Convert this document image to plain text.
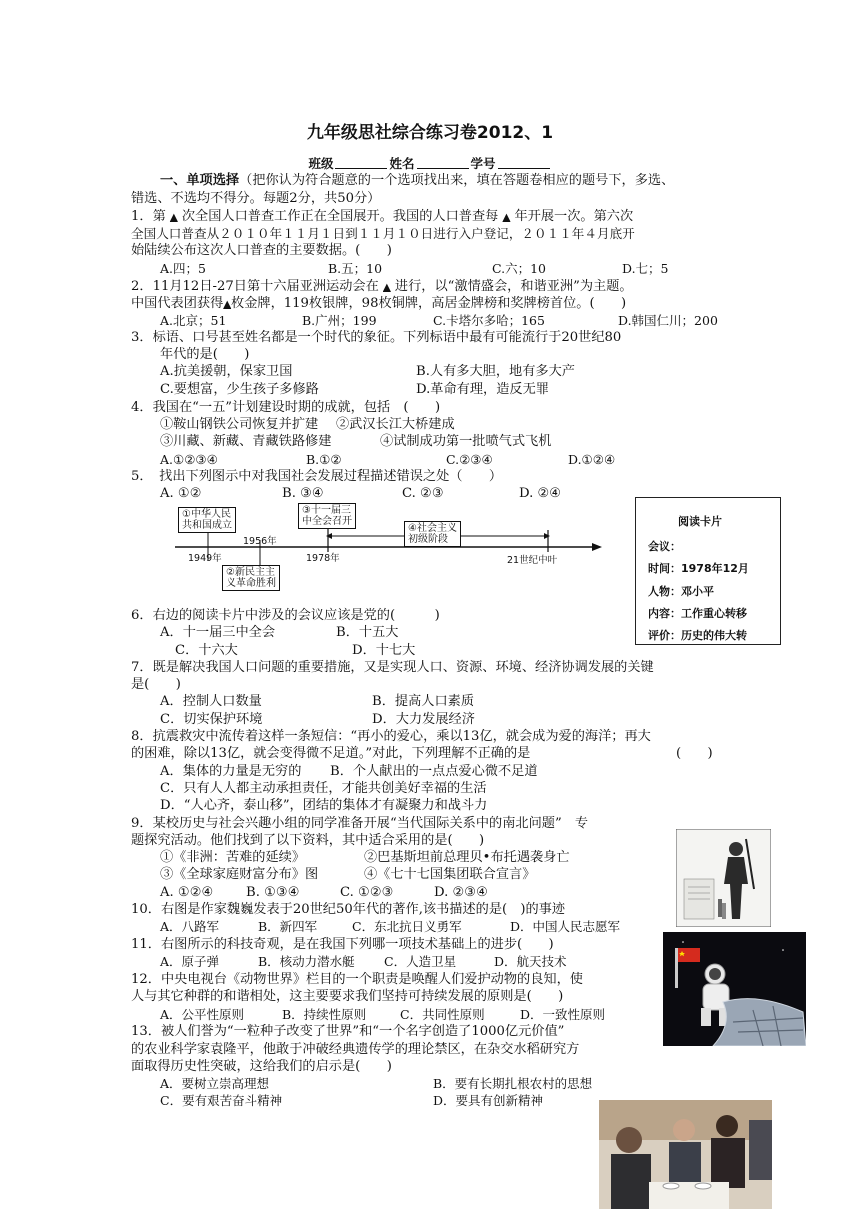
九年级思社综合练习卷2012、1
班级	姓名	学号
一、单项选择（把你认为符合题意的一个选项找出来，填在答题卷相应的题号下，多选、
错选、不选均不得分。每题2分，共50分）
1．第 ▲ 次全国人口普查工作正在全国展开。我国的人口普查每 ▲ 年开展一次。第六次
全国人口普查从２０１０年１１月１日到１１月１０日进行入户登记，２０１１年４月底开
始陆续公布这次人口普查的主要数据。(　　)
A.四；5	B.五；10	C.六；10	D.七；5
2．11月12日-27日第十六届亚洲运动会在 ▲ 进行，以“激情盛会，和谐亚洲”为主题。
中国代表团获得▲枚金牌，119枚银牌，98枚铜牌，高居金牌榜和奖牌榜首位。(　　)
A.北京；51	B.广州；199	C.卡塔尔多哈；165	D.韩国仁川；200
3．标语、口号甚至姓名都是一个时代的象征。下列标语中最有可能流行于20世纪80
年代的是(　　)
A.抗美援朝，保家卫国	B.人有多大胆，地有多大产
C.要想富，少生孩子多修路	D.革命有理，造反无罪
4．我国在“一五”计划建设时期的成就，包括　(　　)
①鞍山钢铁公司恢复并扩建 ②武汉长江大桥建成
③川藏、新藏、青藏铁路修建	④试制成功第一批喷气式飞机
A.①②③④	B.①②	C.②③④	D.①②④
5．　找出下列图示中对我国社会发展过程描述错误之处（　　）
A. ①②	B. ③④	C. ②③	D. ②④
①中华人民
共和国成立
③十一届三
中全会召开
④社会主义
初级阶段
②新民主主
义革命胜利
1949年
1956年
1978年	21世纪中叶
阅读卡片
会议：
时间：1978年12月
人物：邓小平
内容：工作重心转移
评价：历史的伟大转
6．右边的阅读卡片中涉及的会议应该是党的(　　　)
A．十一届三中全会	B．十五大
C．十六大	D．十七大
7．既是解决我国人口问题的重要措施，又是实现人口、资源、环境、经济协调发展的关键
是(　　)
A．控制人口数量	B．提高人口素质
C．切实保护环境	D．大力发展经济
8．抗震救灾中流传着这样一条短信：“再小的爱心，乘以13亿，就会成为爱的海洋；再大
的困难，除以13亿，就会变得微不足道。”对此，下列理解不正确的是	(　　)
A．集体的力量是无穷的 B．个人献出的一点点爱心微不足道
C．只有人人都主动承担责任，才能共创美好幸福的生活
D．“人心齐，泰山移”，团结的集体才有凝聚力和战斗力
9．某校历史与社会兴趣小组的同学准备开展“当代国际关系中的南北问题”　专
题探究活动。他们找到了以下资料，其中适合采用的是(　　)
①《非洲：苦难的延续》	②巴基斯坦前总理贝•布托遇袭身亡
③《全球家庭财富分布》图	④《七十七国集团联合宣言》
A. ①②④ B. ①③④	C. ①②③	D. ②③④
10．右图是作家魏巍发表于20世纪50年代的著作,该书描述的是(　)的事迹
A．八路军	B．新四军	C．东北抗日义勇军	D．中国人民志愿军
11．右图所示的科技奇观，是在我国下列哪一项技术基础上的进步(　　)
A．原子弹	B．核动力潜水艇 C．人造卫星	D．航天技术
12．中央电视台《动物世界》栏目的一个职责是唤醒人们爱护动物的良知，使
人与其它种群的和谐相处，这主要要求我们坚持可持续发展的原则是(　　)
A．公平性原则	B．持续性原则	C．共同性原则	D．一致性原则
13．被人们誉为“一粒种子改变了世界”和“一个名字创造了1000亿元价值”
的农业科学家袁隆平，他敢于冲破经典遗传学的理论禁区，在杂交水稻研究方
面取得历史性突破，这给我们的启示是(　　)
A．要树立崇高理想	B．要有长期扎根农村的思想
C．要有艰苦奋斗精神	D．要具有创新精神
